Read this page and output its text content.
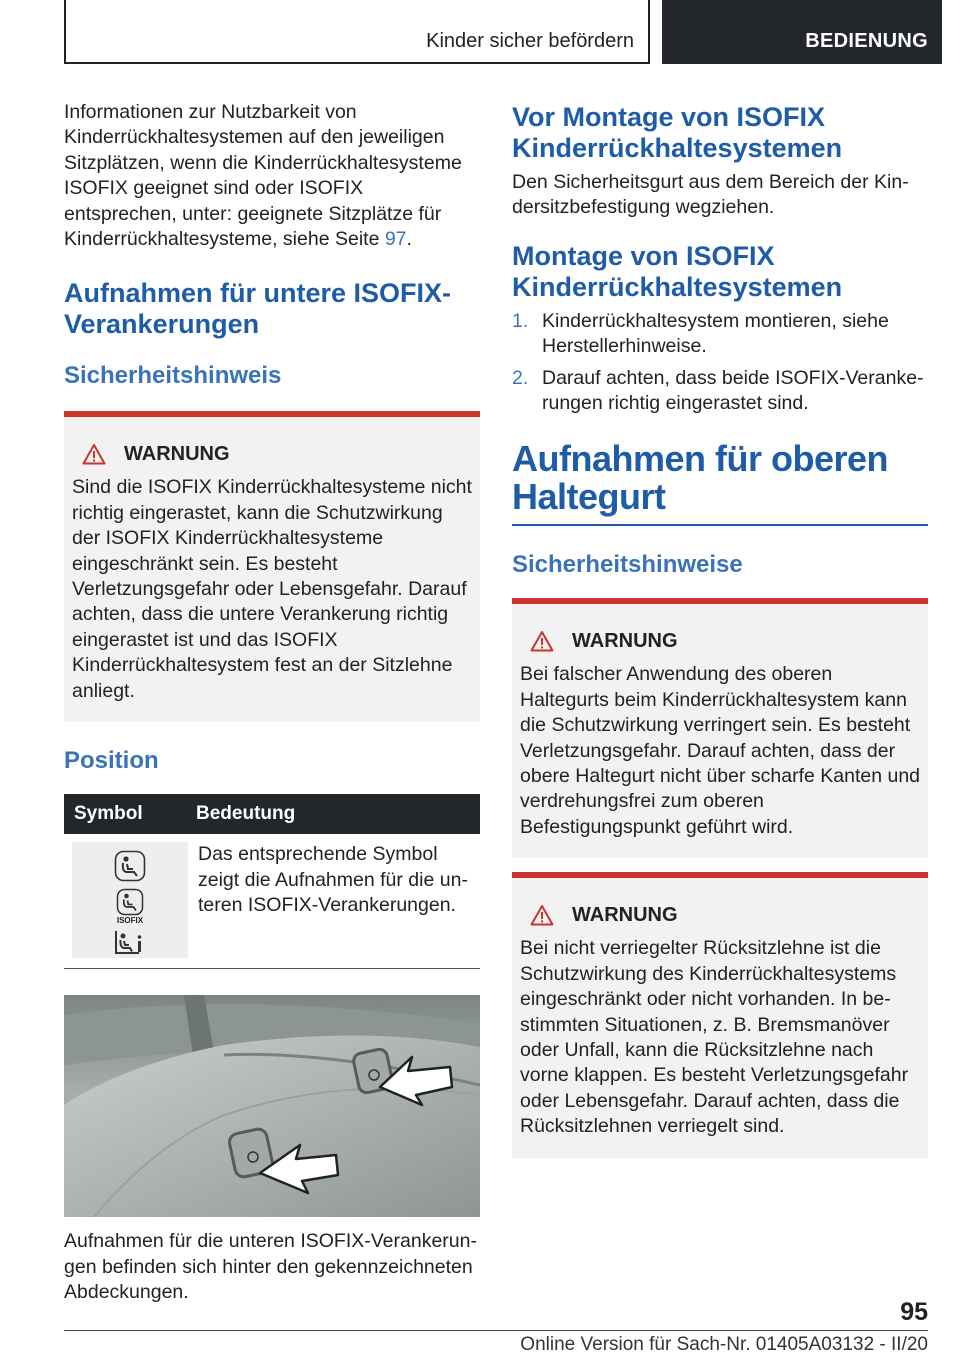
Kinder sicher befördern	BEDIENUNG

Informationen zur Nutzbarkeit von Kinderrückhaltesystemen auf den jeweiligen Sitzplätzen, wenn die Kinderrückhaltesysteme ISOFIX geeignet sind oder ISOFIX entsprechen, unter: geeignete Sitzplätze für Kinderrückhaltesysteme, siehe Seite 97.

Aufnahmen für untere ISOFIX-Verankerungen
Sicherheitshinweis
WARNUNG

Sind die ISOFIX Kinderrückhaltesysteme nicht richtig eingerastet, kann die Schutzwirkung der ISOFIX Kinderrückhaltesysteme eingeschränkt sein. Es besteht Verletzungsgefahr oder Lebensgefahr. Darauf achten, dass die untere Verankerung richtig eingerastet ist und das ISOFIX Kinderrückhaltesystem fest an der Sitzlehne anliegt.

Position
Symbol	Bedeutung
ISOFIX
Das entsprechende Symbol zeigt die Aufnahmen für die unteren ISOFIX-Verankerungen.

Aufnahmen für die unteren ISOFIX-Verankerungen befinden sich hinter den gekennzeichneten Abdeckungen.

Vor Montage von ISOFIX Kinderrückhaltesystemen

Den Sicherheitsgurt aus dem Bereich der Kindersitzbefestigung wegziehen.

Montage von ISOFIX Kinderrückhaltesystemen
1. Kinderrückhaltesystem montieren, siehe Herstellerhinweise.
2. Darauf achten, dass beide ISOFIX-Verankerungen richtig eingerastet sind.
Aufnahmen für oberen Haltegurt
Sicherheitshinweise
WARNUNG

Bei falscher Anwendung des oberen Haltegurts beim Kinderrückhaltesystem kann die Schutzwirkung verringert sein. Es besteht Verletzungsgefahr. Darauf achten, dass der obere Haltegurt nicht über scharfe Kanten und verdrehungsfrei zum oberen Befestigungspunkt geführt wird.

WARNUNG

Bei nicht verriegelter Rücksitzlehne ist die Schutzwirkung des Kinderrückhaltesystems eingeschränkt oder nicht vorhanden. In bestimmten Situationen, z. B. Bremsmanöver oder Unfall, kann die Rücksitzlehne nach vorne klappen. Es besteht Verletzungsgefahr oder Lebensgefahr. Darauf achten, dass die Rücksitzlehnen verriegelt sind.

95
Online Version für Sach-Nr. 01405A03132 - II/20
